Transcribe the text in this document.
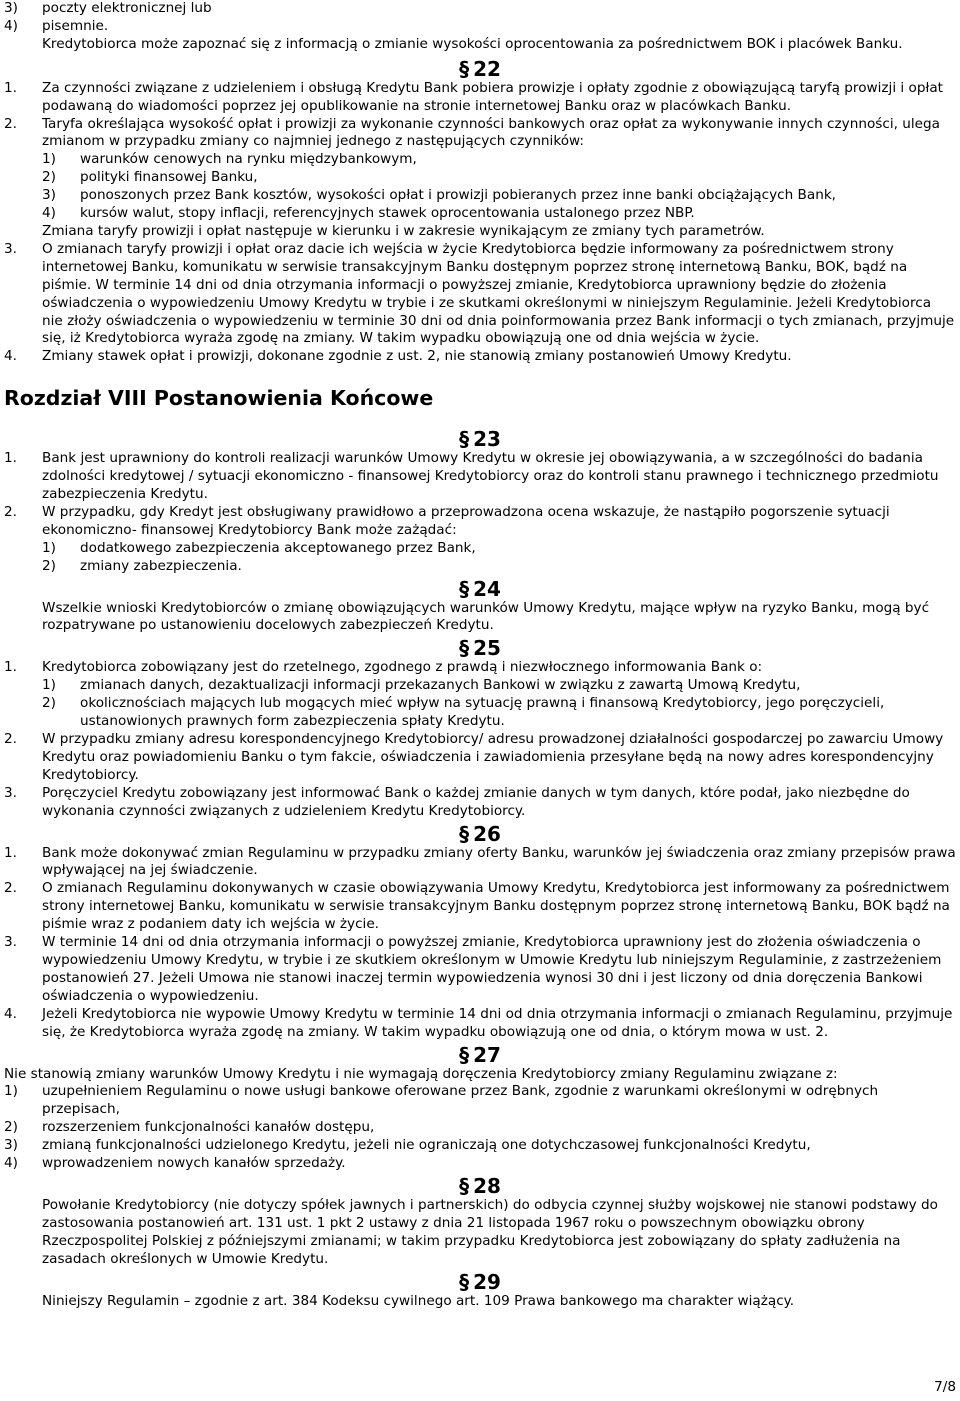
3) poczty elektronicznej lub
4) pisemnie.
Kredytobiorca może zapoznać się z informacją o zmianie wysokości oprocentowania za pośrednictwem BOK i placówek Banku.
§ 22
1. Za czynności związane z udzieleniem i obsługą Kredytu Bank pobiera prowizje i opłaty zgodnie z obowiązującą taryfą prowizji i opłat podawaną do wiadomości poprzez jej opublikowanie na stronie internetowej Banku oraz w placówkach Banku.
2. Taryfa określająca wysokość opłat i prowizji za wykonanie czynności bankowych oraz opłat za wykonywanie innych czynności, ulega zmianom w przypadku zmiany co najmniej jednego z następujących czynników:
1) warunków cenowych na rynku międzybankowym,
2) polityki finansowej Banku,
3) ponoszonych przez Bank kosztów, wysokości opłat i prowizji pobieranych przez inne banki obciążających Bank,
4) kursów walut, stopy inflacji, referencyjnych stawek oprocentowania ustalonego przez NBP.
Zmiana taryfy prowizji i opłat następuje w kierunku i w zakresie wynikającym ze zmiany tych parametrów.
3. O zmianach taryfy prowizji i opłat oraz dacie ich wejścia w życie Kredytobiorca będzie informowany za pośrednictwem strony internetowej Banku, komunikatu w serwisie transakcyjnym Banku dostępnym poprzez stronę internetową Banku, BOK, bądź na piśmie. W terminie 14 dni od dnia otrzymania informacji o powyższej zmianie, Kredytobiorca uprawniony będzie do złożenia oświadczenia o wypowiedzeniu Umowy Kredytu w trybie i ze skutkami określonymi w niniejszym Regulaminie. Jeżeli Kredytobiorca nie złoży oświadczenia o wypowiedzeniu w terminie 30 dni od dnia poinformowania przez Bank informacji o tych zmianach, przyjmuje się, iż Kredytobiorca wyraża zgodę na zmiany. W takim wypadku obowiązują one od dnia wejścia w życie.
4. Zmiany stawek opłat i prowizji, dokonane zgodnie z ust. 2, nie stanowią zmiany postanowień Umowy Kredytu.
Rozdział VIII Postanowienia Końcowe
§ 23
1. Bank jest uprawniony do kontroli realizacji warunków Umowy Kredytu w okresie jej obowiązywania, a w szczególności do badania zdolności kredytowej / sytuacji ekonomiczno - finansowej Kredytobiorcy oraz do kontroli stanu prawnego i technicznego przedmiotu zabezpieczenia Kredytu.
2. W przypadku, gdy Kredyt jest obsługiwany prawidłowo a przeprowadzona ocena wskazuje, że nastąpiło pogorszenie sytuacji ekonomiczno- finansowej Kredytobiorcy Bank może zażądać:
1) dodatkowego zabezpieczenia akceptowanego przez Bank,
2) zmiany zabezpieczenia.
§ 24
Wszelkie wnioski Kredytobiorców o zmianę obowiązujących warunków Umowy Kredytu, mające wpływ na ryzyko Banku, mogą być rozpatrywane po ustanowieniu docelowych zabezpieczeń Kredytu.
§ 25
1. Kredytobiorca zobowiązany jest do rzetelnego, zgodnego z prawdą i niezwłocznego informowania Bank o:
1) zmianach danych, dezaktualizacji informacji przekazanych Bankowi w związku z zawartą Umową Kredytu,
2) okolicznościach mających lub mogących mieć wpływ na sytuację prawną i finansową Kredytobiorcy, jego poręczycieli, ustanowionych prawnych form zabezpieczenia spłaty Kredytu.
2. W przypadku zmiany adresu korespondencyjnego Kredytobiorcy/ adresu prowadzonej działalności gospodarczej po zawarciu Umowy Kredytu oraz powiadomieniu Banku o tym fakcie, oświadczenia i zawiadomienia przesyłane będą na nowy adres korespondencyjny Kredytobiorcy.
3. Poręczyciel Kredytu zobowiązany jest informować Bank o każdej zmianie danych w tym danych, które podał, jako niezbędne do wykonania czynności związanych z udzieleniem Kredytu Kredytobiorcy.
§ 26
1. Bank może dokonywać zmian Regulaminu w przypadku zmiany oferty Banku, warunków jej świadczenia oraz zmiany przepisów prawa wpływającej na jej świadczenie.
2. O zmianach Regulaminu dokonywanych w czasie obowiązywania Umowy Kredytu, Kredytobiorca jest informowany za pośrednictwem strony internetowej Banku, komunikatu w serwisie transakcyjnym Banku dostępnym poprzez stronę internetową Banku, BOK bądź na piśmie wraz z podaniem daty ich wejścia w życie.
3. W terminie 14 dni od dnia otrzymania informacji o powyższej zmianie, Kredytobiorca uprawniony jest do złożenia oświadczenia o wypowiedzeniu Umowy Kredytu, w trybie i ze skutkiem określonym w Umowie Kredytu lub niniejszym Regulaminie, z zastrzeżeniem postanowień 27. Jeżeli Umowa nie stanowi inaczej termin wypowiedzenia wynosi 30 dni i jest liczony od dnia doręczenia Bankowi oświadczenia o wypowiedzeniu.
4. Jeżeli Kredytobiorca nie wypowie Umowy Kredytu w terminie 14 dni od dnia otrzymania informacji o zmianach Regulaminu, przyjmuje się, że Kredytobiorca wyraża zgodę na zmiany. W takim wypadku obowiązują one od dnia, o którym mowa w ust. 2.
§ 27
Nie stanowią zmiany warunków Umowy Kredytu i nie wymagają doręczenia Kredytobiorcy zmiany Regulaminu związane z:
1) uzupełnieniem Regulaminu o nowe usługi bankowe oferowane przez Bank, zgodnie z warunkami określonymi w odrębnych przepisach,
2) rozszerzeniem funkcjonalności kanałów dostępu,
3) zmianą funkcjonalności udzielonego Kredytu, jeżeli nie ograniczają one dotychczasowej funkcjonalności Kredytu,
4) wprowadzeniem nowych kanałów sprzedaży.
§ 28
Powołanie Kredytobiorcy (nie dotyczy spółek jawnych i partnerskich) do odbycia czynnej służby wojskowej nie stanowi podstawy do zastosowania postanowień art. 131 ust. 1 pkt 2 ustawy z dnia 21 listopada 1967 roku o powszechnym obowiązku obrony Rzeczpospolitej Polskiej z późniejszymi zmianami; w takim przypadku Kredytobiorca jest zobowiązany do spłaty zadłużenia na zasadach określonych w Umowie Kredytu.
§ 29
Niniejszy Regulamin – zgodnie z art. 384 Kodeksu cywilnego art. 109 Prawa bankowego ma charakter wiążący.
7/8
